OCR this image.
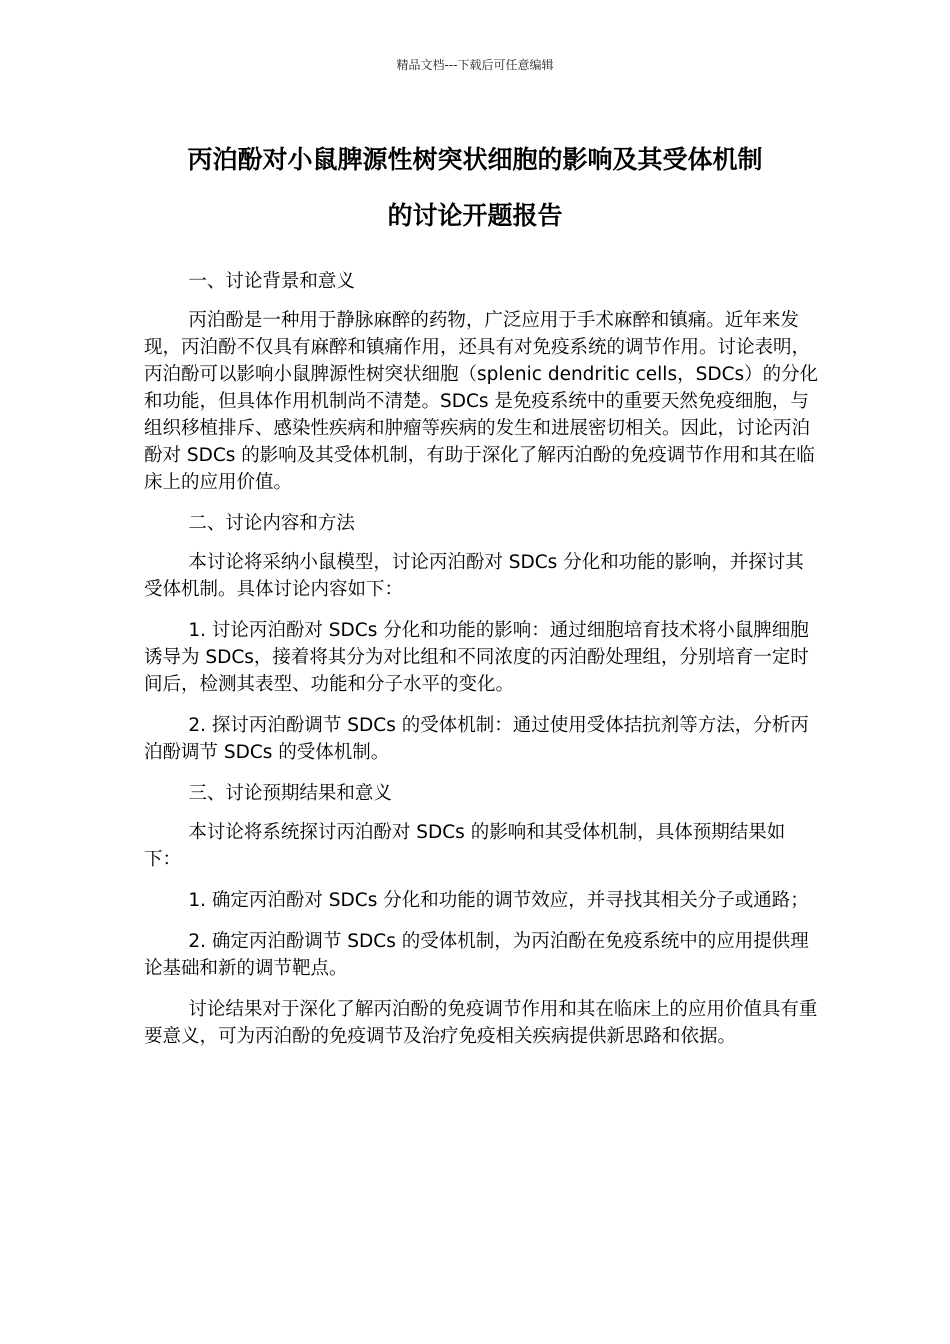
精品文档---下载后可任意编辑
丙泊酚对小鼠脾源性树突状细胞的影响及其受体机制
的讨论开题报告

一、讨论背景和意义

丙泊酚是一种用于静脉麻醉的药物，广泛应用于手术麻醉和镇痛。近年来发现，丙泊酚不仅具有麻醉和镇痛作用，还具有对免疫系统的调节作用。讨论表明，丙泊酚可以影响小鼠脾源性树突状细胞（splenic dendritic cells，SDCs）的分化和功能，但具体作用机制尚不清楚。SDCs 是免疫系统中的重要天然免疫细胞，与组织移植排斥、感染性疾病和肿瘤等疾病的发生和进展密切相关。因此，讨论丙泊酚对 SDCs 的影响及其受体机制，有助于深化了解丙泊酚的免疫调节作用和其在临床上的应用价值。

二、讨论内容和方法

本讨论将采纳小鼠模型，讨论丙泊酚对 SDCs 分化和功能的影响，并探讨其受体机制。具体讨论内容如下：

1. 讨论丙泊酚对 SDCs 分化和功能的影响：通过细胞培育技术将小鼠脾细胞诱导为 SDCs，接着将其分为对比组和不同浓度的丙泊酚处理组，分别培育一定时间后，检测其表型、功能和分子水平的变化。

2. 探讨丙泊酚调节 SDCs 的受体机制：通过使用受体拮抗剂等方法，分析丙泊酚调节 SDCs 的受体机制。

三、讨论预期结果和意义

本讨论将系统探讨丙泊酚对 SDCs 的影响和其受体机制，具体预期结果如下：

1. 确定丙泊酚对 SDCs 分化和功能的调节效应，并寻找其相关分子或通路；

2. 确定丙泊酚调节 SDCs 的受体机制，为丙泊酚在免疫系统中的应用提供理论基础和新的调节靶点。

讨论结果对于深化了解丙泊酚的免疫调节作用和其在临床上的应用价值具有重要意义，可为丙泊酚的免疫调节及治疗免疫相关疾病提供新思路和依据。
